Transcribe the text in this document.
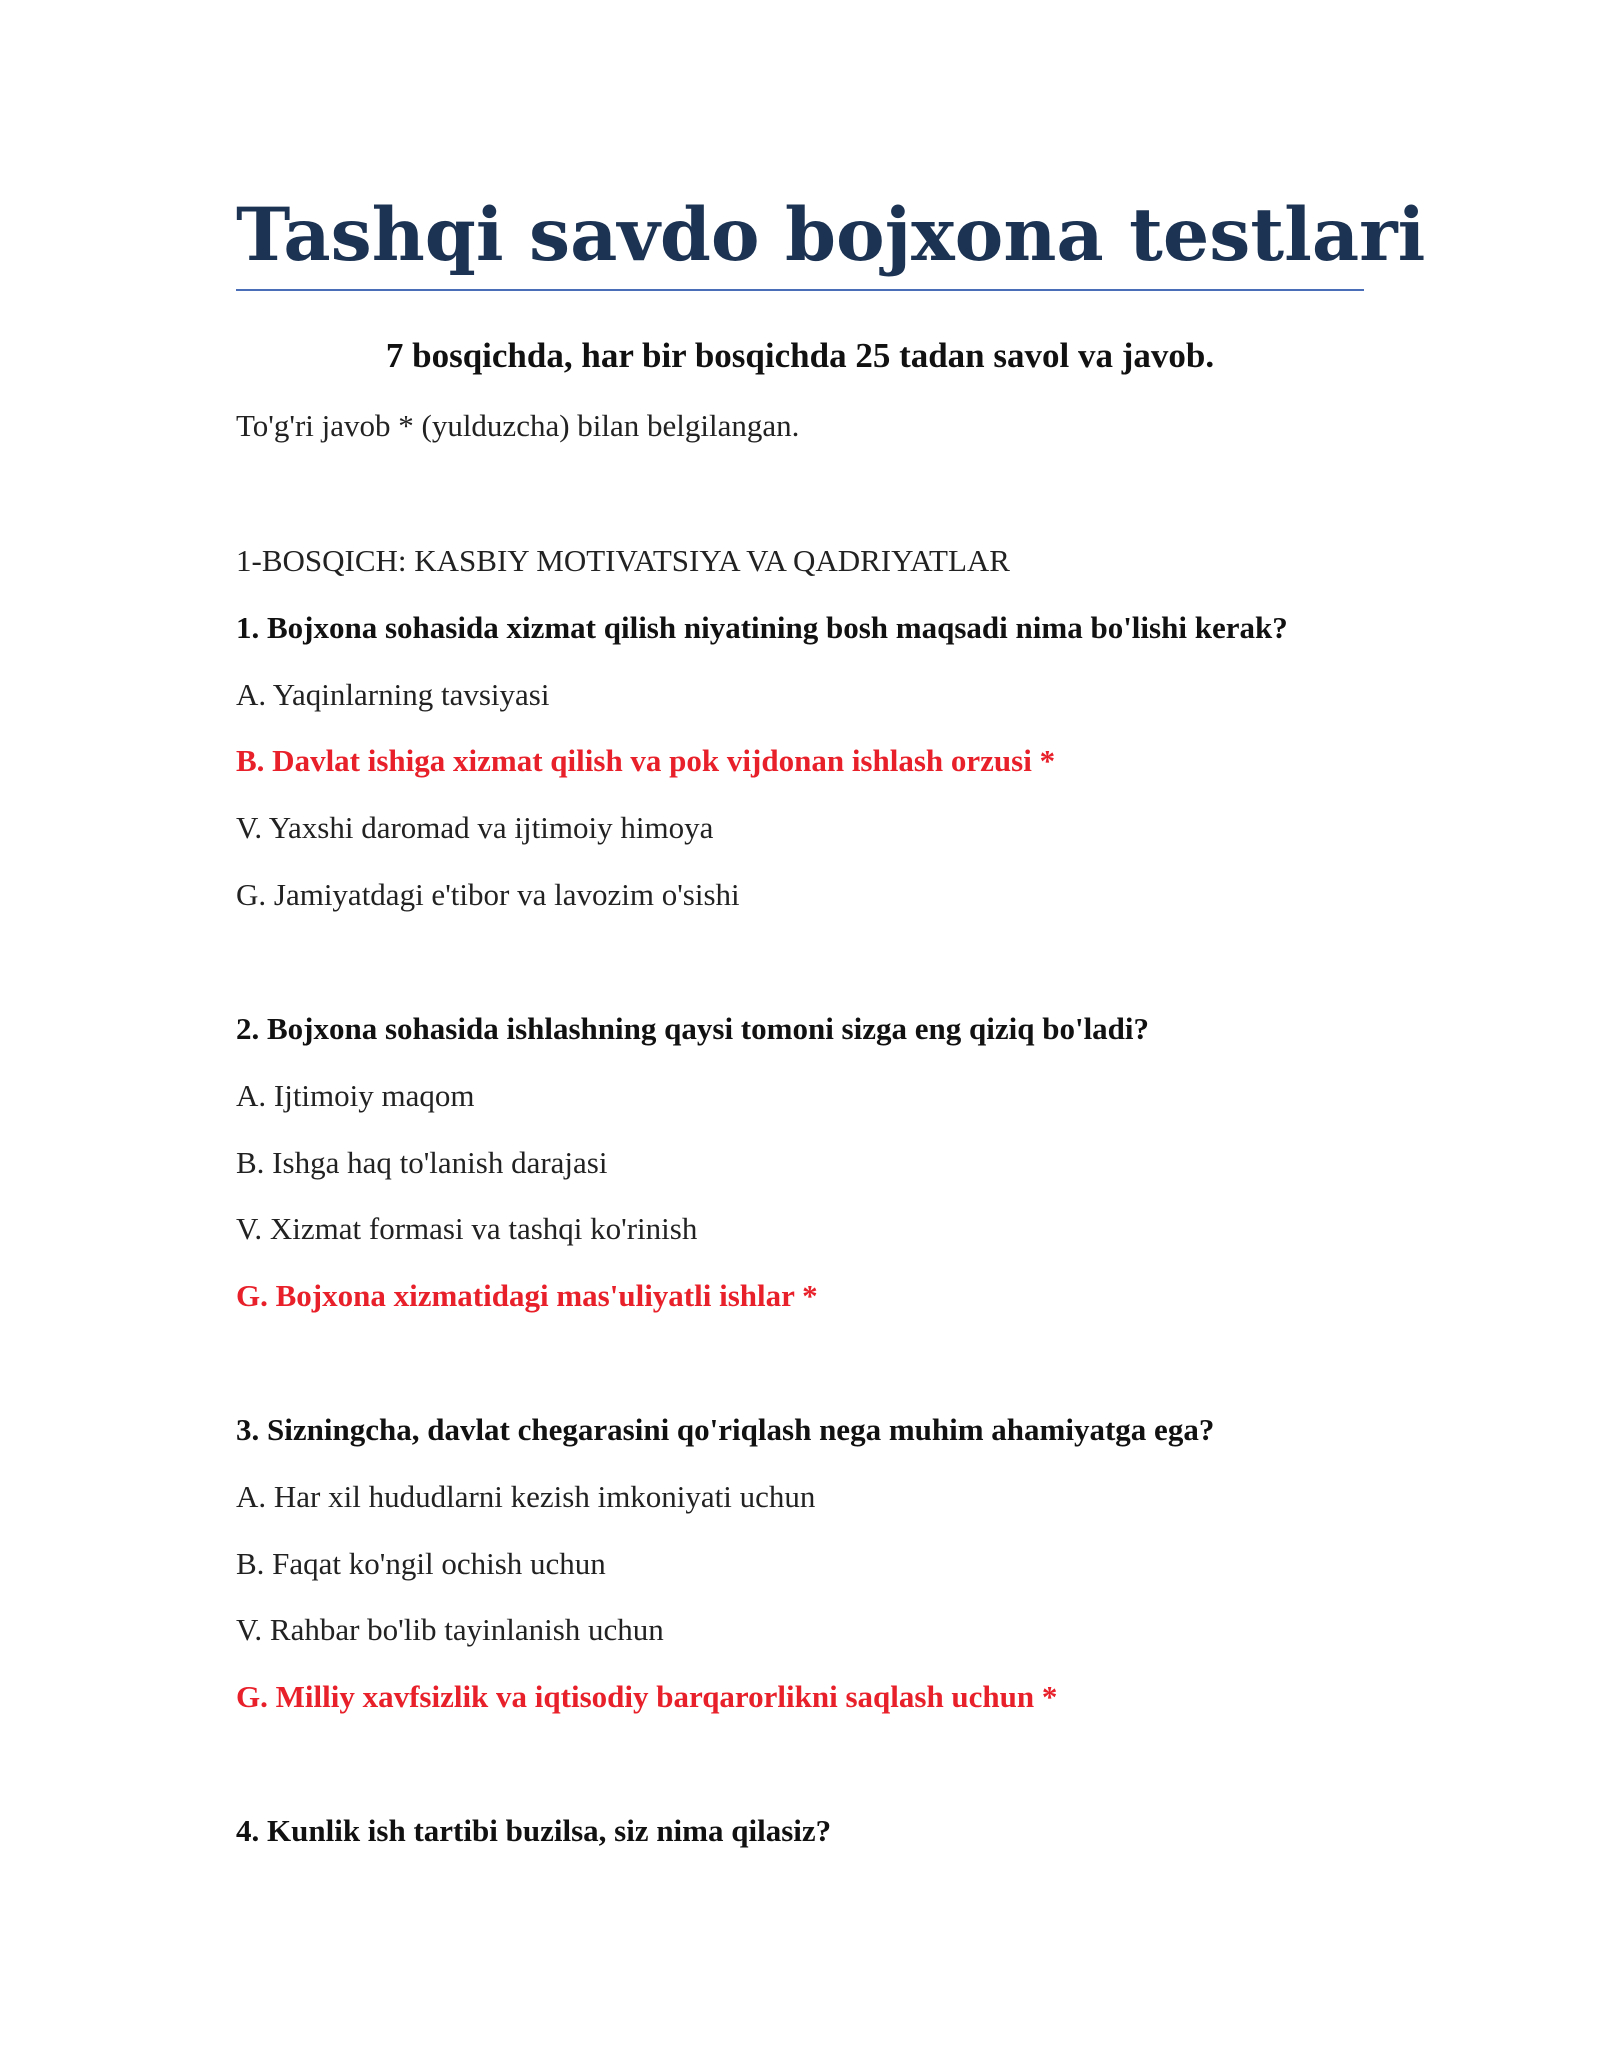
Tashqi savdo bojxona testlari
7 bosqichda, har bir bosqichda 25 tadan savol va javob.

To'g'ri javob * (yulduzcha) bilan belgilangan.

1-BOSQICH: KASBIY MOTIVATSIYA VA QADRIYATLAR

1. Bojxona sohasida xizmat qilish niyatining bosh maqsadi nima bo'lishi kerak?

A. Yaqinlarning tavsiyasi

B. Davlat ishiga xizmat qilish va pok vijdonan ishlash orzusi *

V. Yaxshi daromad va ijtimoiy himoya

G. Jamiyatdagi e'tibor va lavozim o'sishi

2. Bojxona sohasida ishlashning qaysi tomoni sizga eng qiziq bo'ladi?

A. Ijtimoiy maqom

B. Ishga haq to'lanish darajasi

V. Xizmat formasi va tashqi ko'rinish

G. Bojxona xizmatidagi mas'uliyatli ishlar *

3. Sizningcha, davlat chegarasini qo'riqlash nega muhim ahamiyatga ega?

A. Har xil hududlarni kezish imkoniyati uchun

B. Faqat ko'ngil ochish uchun

V. Rahbar bo'lib tayinlanish uchun

G. Milliy xavfsizlik va iqtisodiy barqarorlikni saqlash uchun *

4. Kunlik ish tartibi buzilsa, siz nima qilasiz?
